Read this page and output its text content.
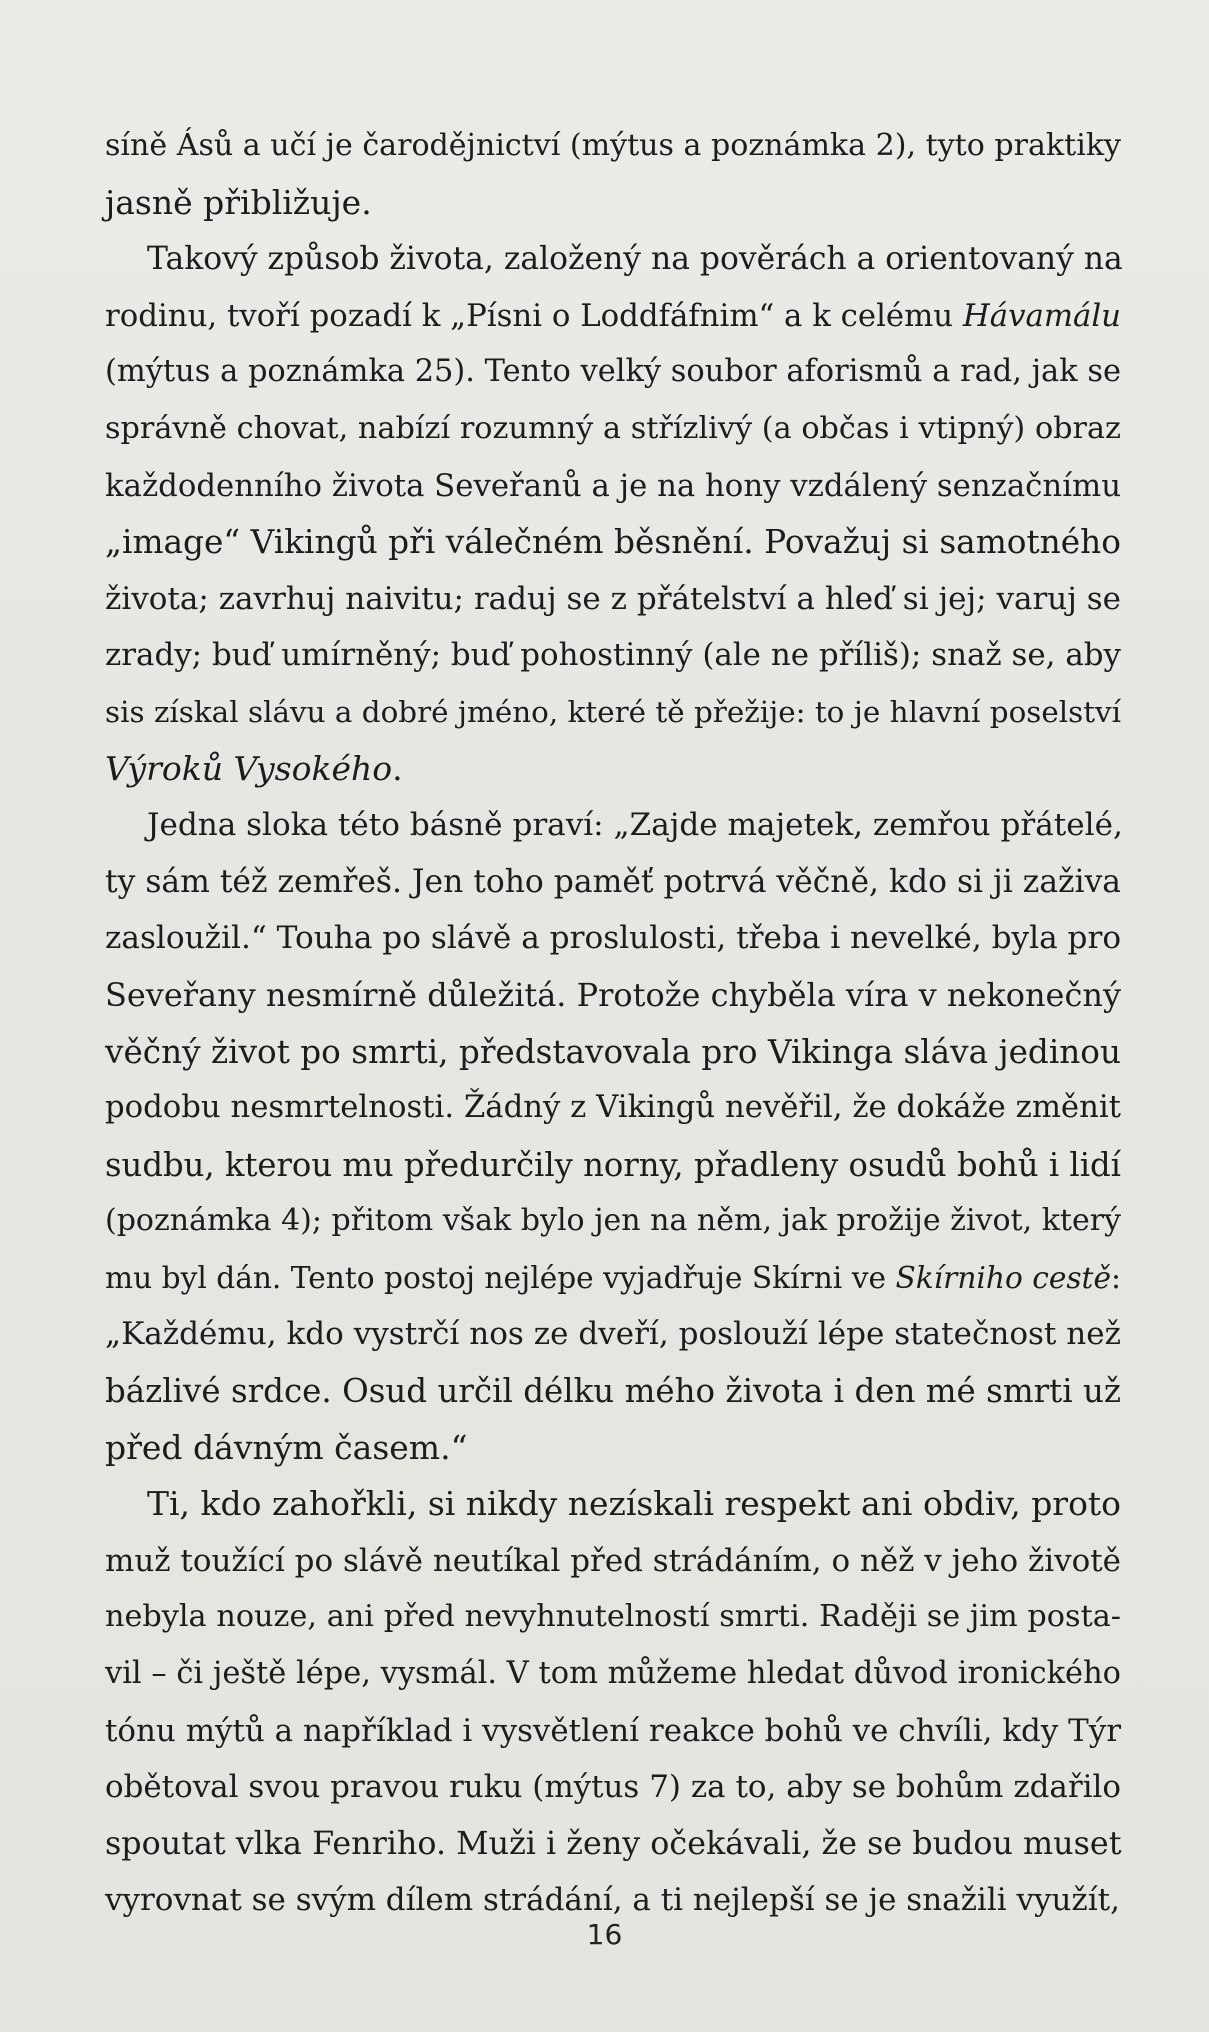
síně Ásů a učí je čarodějnictví (mýtus a poznámka 2), tyto praktiky
jasně přibližuje.

Takový způsob života, založený na pověrách a orientovaný na
rodinu, tvoří pozadí k „Písni o Loddfáfnim“ a k celému Hávamálu
(mýtus a poznámka 25). Tento velký soubor aforismů a rad, jak se
správně chovat, nabízí rozumný a střízlivý (a občas i vtipný) obraz
každodenního života Seveřanů a je na hony vzdálený senzačnímu
„image“ Vikingů při válečném běsnění. Považuj si samotného
života; zavrhuj naivitu; raduj se z přátelství a hleď si jej; varuj se
zrady; buď umírněný; buď pohostinný (ale ne příliš); snaž se, aby
sis získal slávu a dobré jméno, které tě přežije: to je hlavní poselství
Výroků Vysokého.

Jedna sloka této básně praví: „Zajde majetek, zemřou přátelé,
ty sám též zemřeš. Jen toho paměť potrvá věčně, kdo si ji zaživa
zasloužil.“ Touha po slávě a proslulosti, třeba i nevelké, byla pro
Seveřany nesmírně důležitá. Protože chyběla víra v nekonečný
věčný život po smrti, představovala pro Vikinga sláva jedinou
podobu nesmrtelnosti. Žádný z Vikingů nevěřil, že dokáže změnit
sudbu, kterou mu předurčily norny, přadleny osudů bohů i lidí
(poznámka 4); přitom však bylo jen na něm, jak prožije život, který
mu byl dán. Tento postoj nejlépe vyjadřuje Skírni ve Skírniho cestě:
„Každému, kdo vystrčí nos ze dveří, poslouží lépe statečnost než
bázlivé srdce. Osud určil délku mého života i den mé smrti už
před dávným časem.“

Ti, kdo zahořkli, si nikdy nezískali respekt ani obdiv, proto
muž toužící po slávě neutíkal před strádáním, o něž v jeho životě
nebyla nouze, ani před nevyhnutelností smrti. Raději se jim posta-
vil – či ještě lépe, vysmál. V tom můžeme hledat důvod ironického
tónu mýtů a například i vysvětlení reakce bohů ve chvíli, kdy Týr
obětoval svou pravou ruku (mýtus 7) za to, aby se bohům zdařilo
spoutat vlka Fenriho. Muži i ženy očekávali, že se budou muset
vyrovnat se svým dílem strádání, a ti nejlepší se je snažili využít,

16
